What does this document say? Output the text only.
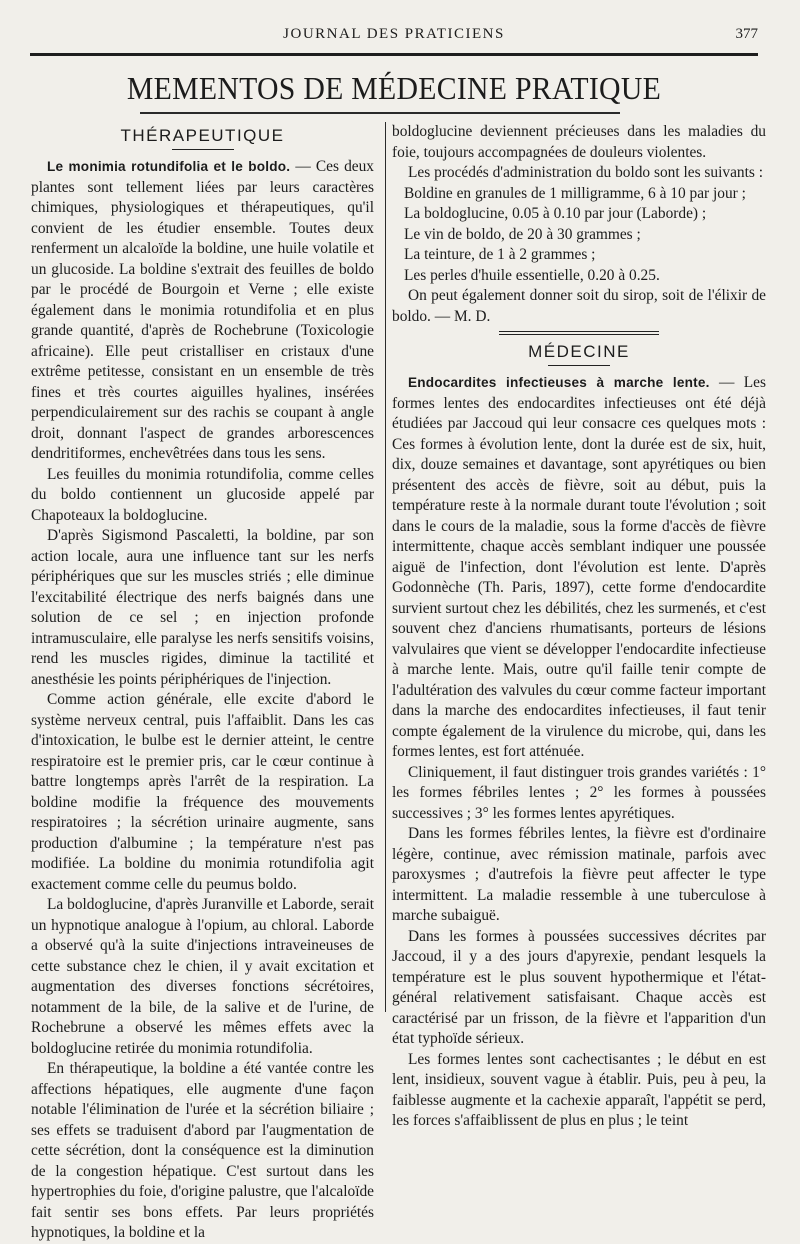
JOURNAL DES PRATICIENS	377
MEMENTOS DE MÉDECINE PRATIQUE
THÉRAPEUTIQUE

Le monimia rotundifolia et le boldo. — Ces deux plantes sont tellement liées par leurs caractères chimiques, physiologiques et thérapeutiques, qu'il convient de les étudier ensemble. Toutes deux renferment un alcaloïde la boldine, une huile volatile et un glucoside. La boldine s'extrait des feuilles de boldo par le procédé de Bourgoin et Verne ; elle existe également dans le monimia rotundifolia et en plus grande quantité, d'après de Rochebrune (Toxicologie africaine). Elle peut cristalliser en cristaux d'une extrême petitesse, consistant en un ensemble de très fines et très courtes aiguilles hyalines, insérées perpendiculairement sur des rachis se coupant à angle droit, donnant l'aspect de grandes arborescences dendritiformes, enchevêtrées dans tous les sens.

Les feuilles du monimia rotundifolia, comme celles du boldo contiennent un glucoside appelé par Chapoteaux la boldoglucine.

D'après Sigismond Pascaletti, la boldine, par son action locale, aura une influence tant sur les nerfs périphériques que sur les muscles striés ; elle diminue l'excitabilité électrique des nerfs baignés dans une solution de ce sel ; en injection profonde intramusculaire, elle paralyse les nerfs sensitifs voisins, rend les muscles rigides, diminue la tactilité et anesthésie les points périphériques de l'injection.

Comme action générale, elle excite d'abord le système nerveux central, puis l'affaiblit. Dans les cas d'intoxication, le bulbe est le dernier atteint, le centre respiratoire est le premier pris, car le cœur continue à battre longtemps après l'arrêt de la respiration. La boldine modifie la fréquence des mouvements respiratoires ; la sécrétion urinaire augmente, sans production d'albumine ; la température n'est pas modifiée. La boldine du monimia rotundifolia agit exactement comme celle du peumus boldo.

La boldoglucine, d'après Juranville et Laborde, serait un hypnotique analogue à l'opium, au chloral. Laborde a observé qu'à la suite d'injections intraveineuses de cette substance chez le chien, il y avait excitation et augmentation des diverses fonctions sécrétoires, notamment de la bile, de la salive et de l'urine, de Rochebrune a observé les mêmes effets avec la boldoglucine retirée du monimia rotundifolia.

En thérapeutique, la boldine a été vantée contre les affections hépatiques, elle augmente d'une façon notable l'élimination de l'urée et la sécrétion biliaire ; ses effets se traduisent d'abord par l'augmentation de cette sécrétion, dont la conséquence est la diminution de la congestion hépatique. C'est surtout dans les hypertrophies du foie, d'origine palustre, que l'alcaloïde fait sentir ses bons effets. Par leurs propriétés hypnotiques, la boldine et la

boldoglucine deviennent précieuses dans les maladies du foie, toujours accompagnées de douleurs violentes.

Les procédés d'administration du boldo sont les suivants :

Boldine en granules de 1 milligramme, 6 à 10 par jour ;

La boldoglucine, 0.05 à 0.10 par jour (Laborde) ;

Le vin de boldo, de 20 à 30 grammes ;

La teinture, de 1 à 2 grammes ;

Les perles d'huile essentielle, 0.20 à 0.25.

On peut également donner soit du sirop, soit de l'élixir de boldo. — M. D.

MÉDECINE

Endocardites infectieuses à marche lente. — Les formes lentes des endocardites infectieuses ont été déjà étudiées par Jaccoud qui leur consacre ces quelques mots : Ces formes à évolution lente, dont la durée est de six, huit, dix, douze semaines et davantage, sont apyrétiques ou bien présentent des accès de fièvre, soit au début, puis la température reste à la normale durant toute l'évolution ; soit dans le cours de la maladie, sous la forme d'accès de fièvre intermittente, chaque accès semblant indiquer une poussée aiguë de l'infection, dont l'évolution est lente. D'après Godonnèche (Th. Paris, 1897), cette forme d'endocardite survient surtout chez les débilités, chez les surmenés, et c'est souvent chez d'anciens rhumatisants, porteurs de lésions valvulaires que vient se développer l'endocardite infectieuse à marche lente. Mais, outre qu'il faille tenir compte de l'adultération des valvules du cœur comme facteur important dans la marche des endocardites infectieuses, il faut tenir compte également de la virulence du microbe, qui, dans les formes lentes, est fort atténuée.

Cliniquement, il faut distinguer trois grandes variétés : 1° les formes fébriles lentes ; 2° les formes à poussées successives ; 3° les formes lentes apyrétiques.

Dans les formes fébriles lentes, la fièvre est d'ordinaire légère, continue, avec rémission matinale, parfois avec paroxysmes ; d'autrefois la fièvre peut affecter le type intermittent. La maladie ressemble à une tuberculose à marche subaiguë.

Dans les formes à poussées successives décrites par Jaccoud, il y a des jours d'apyrexie, pendant lesquels la température est le plus souvent hypothermique et l'état-général relativement satisfaisant. Chaque accès est caractérisé par un frisson, de la fièvre et l'apparition d'un état typhoïde sérieux.

Les formes lentes sont cachectisantes ; le début en est lent, insidieux, souvent vague à établir. Puis, peu à peu, la faiblesse augmente et la cachexie apparaît, l'appétit se perd, les forces s'affaiblissent de plus en plus ; le teint
